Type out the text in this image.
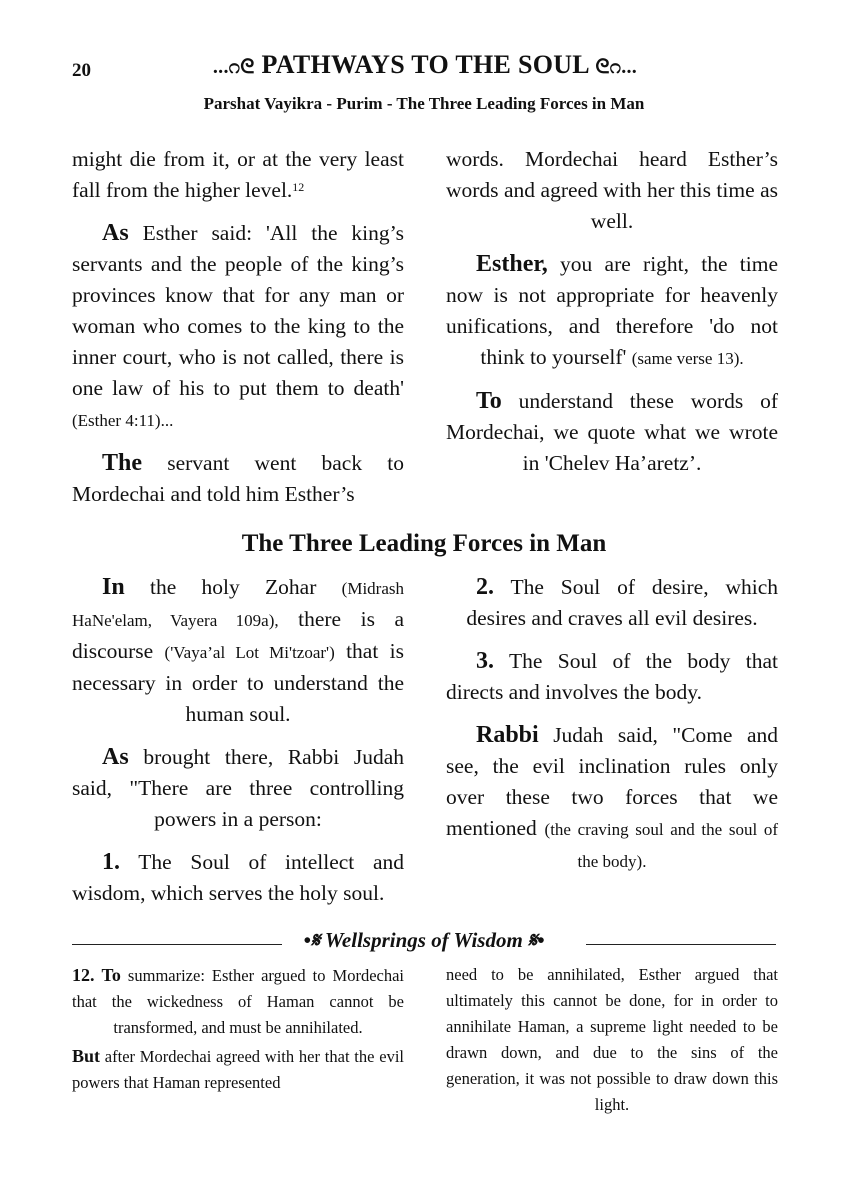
20	...೧ᘓ PATHWAYS TO THE SOUL ᘓ೧...
Parshat Vayikra - Purim - The Three Leading Forces in Man

might die from it, or at the very least fall from the higher level.$^{12}$

As Esther said: 'All the king’s servants and the people of the king’s provinces know that for any man or woman who comes to the king to the inner court, who is not called, there is one law of his to put them to death' (Esther 4:11)...

The servant went back to Mordechai and told him Esther’s

words. Mordechai heard Esther’s words and agreed with her this time as well.

Esther, you are right, the time now is not appropriate for heavenly unifications, and therefore 'do not think to yourself' (same verse 13).

To understand these words of Mordechai, we quote what we wrote in 'Chelev Ha’aretz’.

The Three Leading Forces in Man

In the holy Zohar (Midrash HaNe'elam, Vayera 109a), there is a discourse ('Vaya’al Lot Mi'tzoar') that is necessary in order to understand the human soul.

As brought there, Rabbi Judah said, "There are three controlling powers in a person:

1. The Soul of intellect and wisdom, which serves the holy soul.

2. The Soul of desire, which desires and craves all evil desires.

3. The Soul of the body that directs and involves the body.

Rabbi Judah said, "Come and see, the evil inclination rules only over these two forces that we mentioned (the craving soul and the soul of the body).

•𝄋 Wellsprings of Wisdom 𝄋•

12. To summarize: Esther argued to Mordechai that the wickedness of Haman cannot be transformed, and must be annihilated.

But after Mordechai agreed with her that the evil powers that Haman represented

need to be annihilated, Esther argued that ultimately this cannot be done, for in order to annihilate Haman, a supreme light needed to be drawn down, and due to the sins of the generation, it was not possible to draw down this light.
